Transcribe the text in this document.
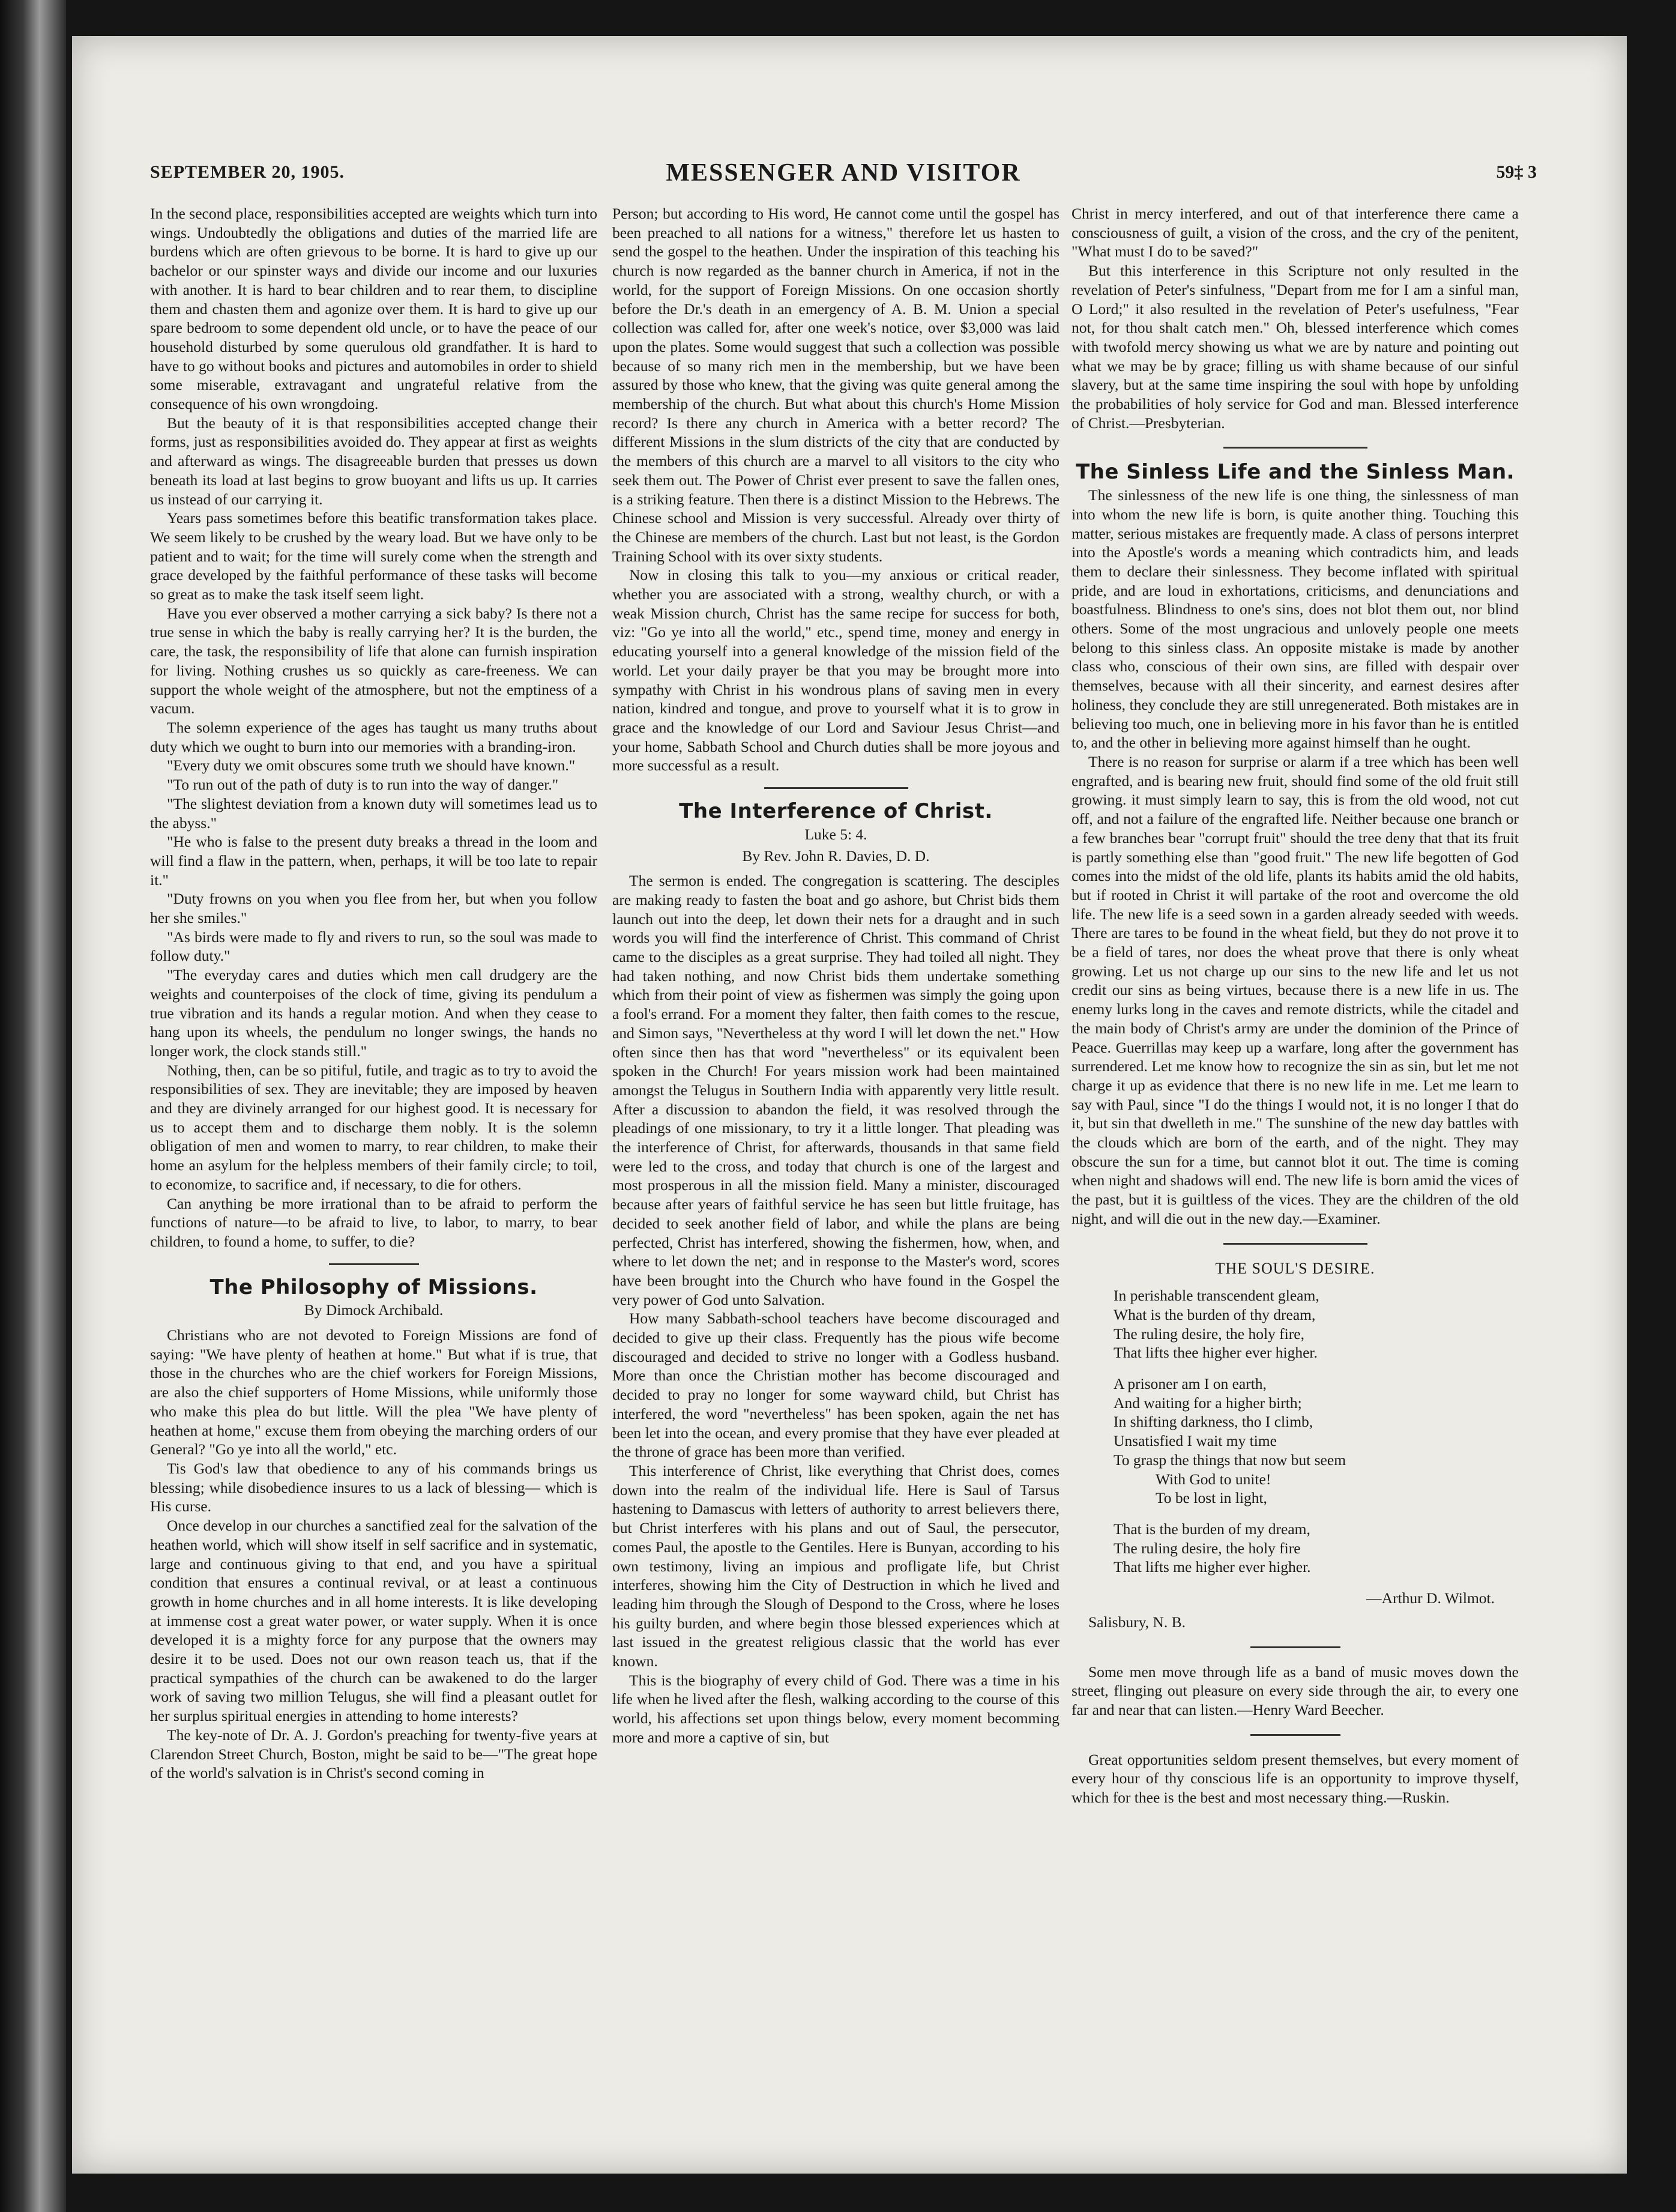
SEPTEMBER 20, 1905.	MESSENGER AND VISITOR	59‡ 3

In the second place, responsibilities accepted are weights which turn into wings. Undoubtedly the obligations and duties of the married life are burdens which are often grievous to be borne. It is hard to give up our bachelor or our spinster ways and divide our income and our luxuries with another. It is hard to bear children and to rear them, to discipline them and chasten them and agonize over them. It is hard to give up our spare bedroom to some dependent old uncle, or to have the peace of our household disturbed by some querulous old grandfather. It is hard to have to go without books and pictures and automobiles in order to shield some miserable, extravagant and ungrateful relative from the consequence of his own wrongdoing.

But the beauty of it is that responsibilities accepted change their forms, just as responsibilities avoided do. They appear at first as weights and afterward as wings. The disagreeable burden that presses us down beneath its load at last begins to grow buoyant and lifts us up. It carries us instead of our carrying it.

Years pass sometimes before this beatific transformation takes place. We seem likely to be crushed by the weary load. But we have only to be patient and to wait; for the time will surely come when the strength and grace developed by the faithful performance of these tasks will become so great as to make the task itself seem light.

Have you ever observed a mother carrying a sick baby? Is there not a true sense in which the baby is really carrying her? It is the burden, the care, the task, the responsibility of life that alone can furnish inspiration for living. Nothing crushes us so quickly as care-freeness. We can support the whole weight of the atmosphere, but not the emptiness of a vacum.

The solemn experience of the ages has taught us many truths about duty which we ought to burn into our memories with a branding-iron.

"Every duty we omit obscures some truth we should have known."

"To run out of the path of duty is to run into the way of danger."

"The slightest deviation from a known duty will sometimes lead us to the abyss."

"He who is false to the present duty breaks a thread in the loom and will find a flaw in the pattern, when, perhaps, it will be too late to repair it."

"Duty frowns on you when you flee from her, but when you follow her she smiles."

"As birds were made to fly and rivers to run, so the soul was made to follow duty."

"The everyday cares and duties which men call drudgery are the weights and counterpoises of the clock of time, giving its pendulum a true vibration and its hands a regular motion. And when they cease to hang upon its wheels, the pendulum no longer swings, the hands no longer work, the clock stands still."

Nothing, then, can be so pitiful, futile, and tragic as to try to avoid the responsibilities of sex. They are inevitable; they are imposed by heaven and they are divinely arranged for our highest good. It is necessary for us to accept them and to discharge them nobly. It is the solemn obligation of men and women to marry, to rear children, to make their home an asylum for the helpless members of their family circle; to toil, to economize, to sacrifice and, if necessary, to die for others.

Can anything be more irrational than to be afraid to perform the functions of nature—to be afraid to live, to labor, to marry, to bear children, to found a home, to suffer, to die?

The Philosophy of Missions.
By Dimock Archibald.

Christians who are not devoted to Foreign Missions are fond of saying: "We have plenty of heathen at home." But what if is true, that those in the churches who are the chief workers for Foreign Missions, are also the chief supporters of Home Missions, while uniformly those who make this plea do but little. Will the plea "We have plenty of heathen at home," excuse them from obeying the marching orders of our General? "Go ye into all the world," etc.

Tis God's law that obedience to any of his commands brings us blessing; while disobedience insures to us a lack of blessing— which is His curse.

Once develop in our churches a sanctified zeal for the salvation of the heathen world, which will show itself in self sacrifice and in systematic, large and continuous giving to that end, and you have a spiritual condition that ensures a continual revival, or at least a continuous growth in home churches and in all home interests. It is like developing at immense cost a great water power, or water supply. When it is once developed it is a mighty force for any purpose that the owners may desire it to be used. Does not our own reason teach us, that if the practical sympathies of the church can be awakened to do the larger work of saving two million Telugus, she will find a pleasant outlet for her surplus spiritual energies in attending to home interests?

The key-note of Dr. A. J. Gordon's preaching for twenty-five years at Clarendon Street Church, Boston, might be said to be—"The great hope of the world's salvation is in Christ's second coming in

Person; but according to His word, He cannot come until the gospel has been preached to all nations for a witness," therefore let us hasten to send the gospel to the heathen. Under the inspiration of this teaching his church is now regarded as the banner church in America, if not in the world, for the support of Foreign Missions. On one occasion shortly before the Dr.'s death in an emergency of A. B. M. Union a special collection was called for, after one week's notice, over $3,000 was laid upon the plates. Some would suggest that such a collection was possible because of so many rich men in the membership, but we have been assured by those who knew, that the giving was quite general among the membership of the church. But what about this church's Home Mission record? Is there any church in America with a better record? The different Missions in the slum districts of the city that are conducted by the members of this church are a marvel to all visitors to the city who seek them out. The Power of Christ ever present to save the fallen ones, is a striking feature. Then there is a distinct Mission to the Hebrews. The Chinese school and Mission is very successful. Already over thirty of the Chinese are members of the church. Last but not least, is the Gordon Training School with its over sixty students.

Now in closing this talk to you—my anxious or critical reader, whether you are associated with a strong, wealthy church, or with a weak Mission church, Christ has the same recipe for success for both, viz: "Go ye into all the world," etc., spend time, money and energy in educating yourself into a general knowledge of the mission field of the world. Let your daily prayer be that you may be brought more into sympathy with Christ in his wondrous plans of saving men in every nation, kindred and tongue, and prove to yourself what it is to grow in grace and the knowledge of our Lord and Saviour Jesus Christ—and your home, Sabbath School and Church duties shall be more joyous and more successful as a result.

The Interference of Christ.
Luke 5: 4.
By Rev. John R. Davies, D. D.

The sermon is ended. The congregation is scattering. The desciples are making ready to fasten the boat and go ashore, but Christ bids them launch out into the deep, let down their nets for a draught and in such words you will find the interference of Christ. This command of Christ came to the disciples as a great surprise. They had toiled all night. They had taken nothing, and now Christ bids them undertake something which from their point of view as fishermen was simply the going upon a fool's errand. For a moment they falter, then faith comes to the rescue, and Simon says, "Nevertheless at thy word I will let down the net." How often since then has that word "nevertheless" or its equivalent been spoken in the Church! For years mission work had been maintained amongst the Telugus in Southern India with apparently very little result. After a discussion to abandon the field, it was resolved through the pleadings of one missionary, to try it a little longer. That pleading was the interference of Christ, for afterwards, thousands in that same field were led to the cross, and today that church is one of the largest and most prosperous in all the mission field. Many a minister, discouraged because after years of faithful service he has seen but little fruitage, has decided to seek another field of labor, and while the plans are being perfected, Christ has interfered, showing the fishermen, how, when, and where to let down the net; and in response to the Master's word, scores have been brought into the Church who have found in the Gospel the very power of God unto Salvation.

How many Sabbath-school teachers have become discouraged and decided to give up their class. Frequently has the pious wife become discouraged and decided to strive no longer with a Godless husband. More than once the Christian mother has become discouraged and decided to pray no longer for some wayward child, but Christ has interfered, the word "nevertheless" has been spoken, again the net has been let into the ocean, and every promise that they have ever pleaded at the throne of grace has been more than verified.

This interference of Christ, like everything that Christ does, comes down into the realm of the individual life. Here is Saul of Tarsus hastening to Damascus with letters of authority to arrest believers there, but Christ interferes with his plans and out of Saul, the persecutor, comes Paul, the apostle to the Gentiles. Here is Bunyan, according to his own testimony, living an impious and profligate life, but Christ interferes, showing him the City of Destruction in which he lived and leading him through the Slough of Despond to the Cross, where he loses his guilty burden, and where begin those blessed experiences which at last issued in the greatest religious classic that the world has ever known.

This is the biography of every child of God. There was a time in his life when he lived after the flesh, walking according to the course of this world, his affections set upon things below, every moment becomming more and more a captive of sin, but

Christ in mercy interfered, and out of that interference there came a consciousness of guilt, a vision of the cross, and the cry of the penitent, "What must I do to be saved?"

But this interference in this Scripture not only resulted in the revelation of Peter's sinfulness, "Depart from me for I am a sinful man, O Lord;" it also resulted in the revelation of Peter's usefulness, "Fear not, for thou shalt catch men." Oh, blessed interference which comes with twofold mercy showing us what we are by nature and pointing out what we may be by grace; filling us with shame because of our sinful slavery, but at the same time inspiring the soul with hope by unfolding the probabilities of holy service for God and man. Blessed interference of Christ.—Presbyterian.

The Sinless Life and the Sinless Man.

The sinlessness of the new life is one thing, the sinlessness of man into whom the new life is born, is quite another thing. Touching this matter, serious mistakes are frequently made. A class of persons interpret into the Apostle's words a meaning which contradicts him, and leads them to declare their sinlessness. They become inflated with spiritual pride, and are loud in exhortations, criticisms, and denunciations and boastfulness. Blindness to one's sins, does not blot them out, nor blind others. Some of the most ungracious and unlovely people one meets belong to this sinless class. An opposite mistake is made by another class who, conscious of their own sins, are filled with despair over themselves, because with all their sincerity, and earnest desires after holiness, they conclude they are still unregenerated. Both mistakes are in believing too much, one in believing more in his favor than he is entitled to, and the other in believing more against himself than he ought.

There is no reason for surprise or alarm if a tree which has been well engrafted, and is bearing new fruit, should find some of the old fruit still growing. it must simply learn to say, this is from the old wood, not cut off, and not a failure of the engrafted life. Neither because one branch or a few branches bear "corrupt fruit" should the tree deny that that its fruit is partly something else than "good fruit." The new life begotten of God comes into the midst of the old life, plants its habits amid the old habits, but if rooted in Christ it will partake of the root and overcome the old life. The new life is a seed sown in a garden already seeded with weeds. There are tares to be found in the wheat field, but they do not prove it to be a field of tares, nor does the wheat prove that there is only wheat growing. Let us not charge up our sins to the new life and let us not credit our sins as being virtues, because there is a new life in us. The enemy lurks long in the caves and remote districts, while the citadel and the main body of Christ's army are under the dominion of the Prince of Peace. Guerrillas may keep up a warfare, long after the government has surrendered. Let me know how to recognize the sin as sin, but let me not charge it up as evidence that there is no new life in me. Let me learn to say with Paul, since "I do the things I would not, it is no longer I that do it, but sin that dwelleth in me." The sunshine of the new day battles with the clouds which are born of the earth, and of the night. They may obscure the sun for a time, but cannot blot it out. The time is coming when night and shadows will end. The new life is born amid the vices of the past, but it is guiltless of the vices. They are the children of the old night, and will die out in the new day.—Examiner.

THE SOUL'S DESIRE.
In perishable transcendent gleam,
What is the burden of thy dream,
The ruling desire, the holy fire,
That lifts thee higher ever higher.
A prisoner am I on earth,
And waiting for a higher birth;
In shifting darkness, tho I climb,
Unsatisfied I wait my time
To grasp the things that now but seem
With God to unite!
To be lost in light,
That is the burden of my dream,
The ruling desire, the holy fire
That lifts me higher ever higher.
—Arthur D. Wilmot.
Salisbury, N. B.

Some men move through life as a band of music moves down the street, flinging out pleasure on every side through the air, to every one far and near that can listen.—Henry Ward Beecher.

Great opportunities seldom present themselves, but every moment of every hour of thy conscious life is an opportunity to improve thyself, which for thee is the best and most necessary thing.—Ruskin.
